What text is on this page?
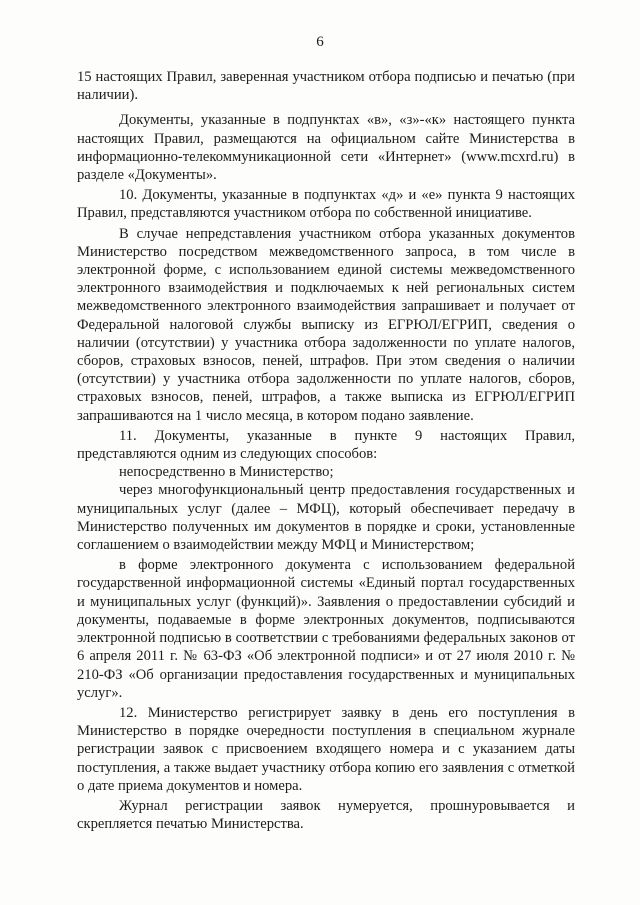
6

15 настоящих Правил, заверенная участником отбора подписью и печатью (при наличии).

Документы, указанные в подпунктах «в», «з»-«к» настоящего пункта настоящих Правил, размещаются на официальном сайте Министерства в информационно-телекоммуникационной сети «Интернет» (www.mcxrd.ru) в разделе «Документы».

10. Документы, указанные в подпунктах «д» и «е» пункта 9 настоящих Правил, представляются участником отбора по собственной инициативе.

В случае непредставления участником отбора указанных документов Министерство посредством межведомственного запроса, в том числе в электронной форме, с использованием единой системы межведомственного электронного взаимодействия и подключаемых к ней региональных систем межведомственного электронного взаимодействия запрашивает и получает от Федеральной налоговой службы выписку из ЕГРЮЛ/ЕГРИП, сведения о наличии (отсутствии) у участника отбора задолженности по уплате налогов, сборов, страховых взносов, пеней, штрафов. При этом сведения о наличии (отсутствии) у участника отбора задолженности по уплате налогов, сборов, страховых взносов, пеней, штрафов, а также выписка из ЕГРЮЛ/ЕГРИП запрашиваются на 1 число месяца, в котором подано заявление.

11. Документы, указанные в пункте 9 настоящих Правил, представляются одним из следующих способов:

непосредственно в Министерство;

через многофункциональный центр предоставления государственных и муниципальных услуг (далее – МФЦ), который обеспечивает передачу в Министерство полученных им документов в порядке и сроки, установленные соглашением о взаимодействии между МФЦ и Министерством;

в форме электронного документа с использованием федеральной государственной информационной системы «Единый портал государственных и муниципальных услуг (функций)». Заявления о предоставлении субсидий и документы, подаваемые в форме электронных документов, подписываются электронной подписью в соответствии с требованиями федеральных законов от 6 апреля 2011 г. № 63-ФЗ «Об электронной подписи» и от 27 июля 2010 г. № 210-ФЗ «Об организации предоставления государственных и муниципальных услуг».

12. Министерство регистрирует заявку в день его поступления в Министерство в порядке очередности поступления в специальном журнале регистрации заявок с присвоением входящего номера и с указанием даты поступления, а также выдает участнику отбора копию его заявления с отметкой о дате приема документов и номера.

Журнал регистрации заявок нумеруется, прошнуровывается и скрепляется печатью Министерства.
